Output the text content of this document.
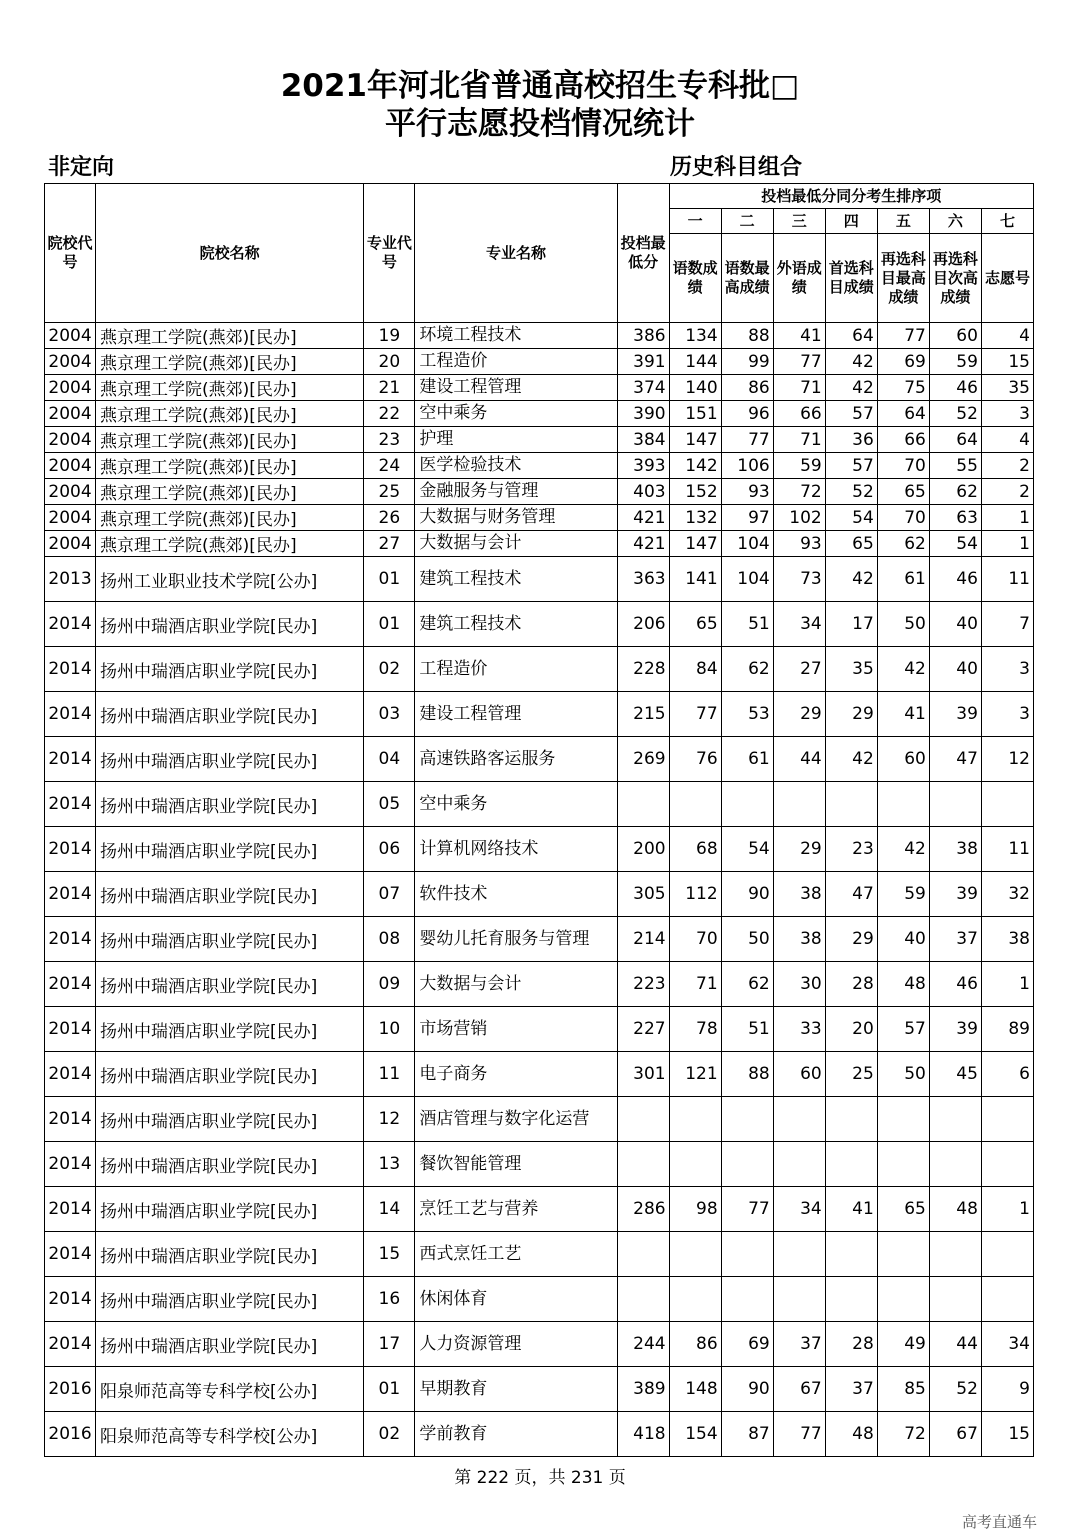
2021年河北省普通高校招生专科批□
平行志愿投档情况统计
非定向	历史科目组合
院校代号	院校名称	专业代号	专业名称	投档最低分	投档最低分同分考生排序项						
					一	二	三	四	五	六	七
					语数成绩	语数最高成绩	外语成绩	首选科目成绩	再选科目最高成绩	再选科目次高成绩	志愿号
2004	燕京理工学院(燕郊)[民办]	19	环境工程技术	386	134	88	41	64	77	60	4
2004	燕京理工学院(燕郊)[民办]	20	工程造价	391	144	99	77	42	69	59	15
2004	燕京理工学院(燕郊)[民办]	21	建设工程管理	374	140	86	71	42	75	46	35
2004	燕京理工学院(燕郊)[民办]	22	空中乘务	390	151	96	66	57	64	52	3
2004	燕京理工学院(燕郊)[民办]	23	护理	384	147	77	71	36	66	64	4
2004	燕京理工学院(燕郊)[民办]	24	医学检验技术	393	142	106	59	57	70	55	2
2004	燕京理工学院(燕郊)[民办]	25	金融服务与管理	403	152	93	72	52	65	62	2
2004	燕京理工学院(燕郊)[民办]	26	大数据与财务管理	421	132	97	102	54	70	63	1
2004	燕京理工学院(燕郊)[民办]	27	大数据与会计	421	147	104	93	65	62	54	1
2013	扬州工业职业技术学院[公办]	01	建筑工程技术	363	141	104	73	42	61	46	11
2014	扬州中瑞酒店职业学院[民办]	01	建筑工程技术	206	65	51	34	17	50	40	7
2014	扬州中瑞酒店职业学院[民办]	02	工程造价	228	84	62	27	35	42	40	3
2014	扬州中瑞酒店职业学院[民办]	03	建设工程管理	215	77	53	29	29	41	39	3
2014	扬州中瑞酒店职业学院[民办]	04	高速铁路客运服务	269	76	61	44	42	60	47	12
2014	扬州中瑞酒店职业学院[民办]	05	空中乘务								
2014	扬州中瑞酒店职业学院[民办]	06	计算机网络技术	200	68	54	29	23	42	38	11
2014	扬州中瑞酒店职业学院[民办]	07	软件技术	305	112	90	38	47	59	39	32
2014	扬州中瑞酒店职业学院[民办]	08	婴幼儿托育服务与管理	214	70	50	38	29	40	37	38
2014	扬州中瑞酒店职业学院[民办]	09	大数据与会计	223	71	62	30	28	48	46	1
2014	扬州中瑞酒店职业学院[民办]	10	市场营销	227	78	51	33	20	57	39	89
2014	扬州中瑞酒店职业学院[民办]	11	电子商务	301	121	88	60	25	50	45	6
2014	扬州中瑞酒店职业学院[民办]	12	酒店管理与数字化运营								
2014	扬州中瑞酒店职业学院[民办]	13	餐饮智能管理								
2014	扬州中瑞酒店职业学院[民办]	14	烹饪工艺与营养	286	98	77	34	41	65	48	1
2014	扬州中瑞酒店职业学院[民办]	15	西式烹饪工艺								
2014	扬州中瑞酒店职业学院[民办]	16	休闲体育								
2014	扬州中瑞酒店职业学院[民办]	17	人力资源管理	244	86	69	37	28	49	44	34
2016	阳泉师范高等专科学校[公办]	01	早期教育	389	148	90	67	37	85	52	9
2016	阳泉师范高等专科学校[公办]	02	学前教育	418	154	87	77	48	72	67	15
第 222 页，共 231 页
高考直通车
